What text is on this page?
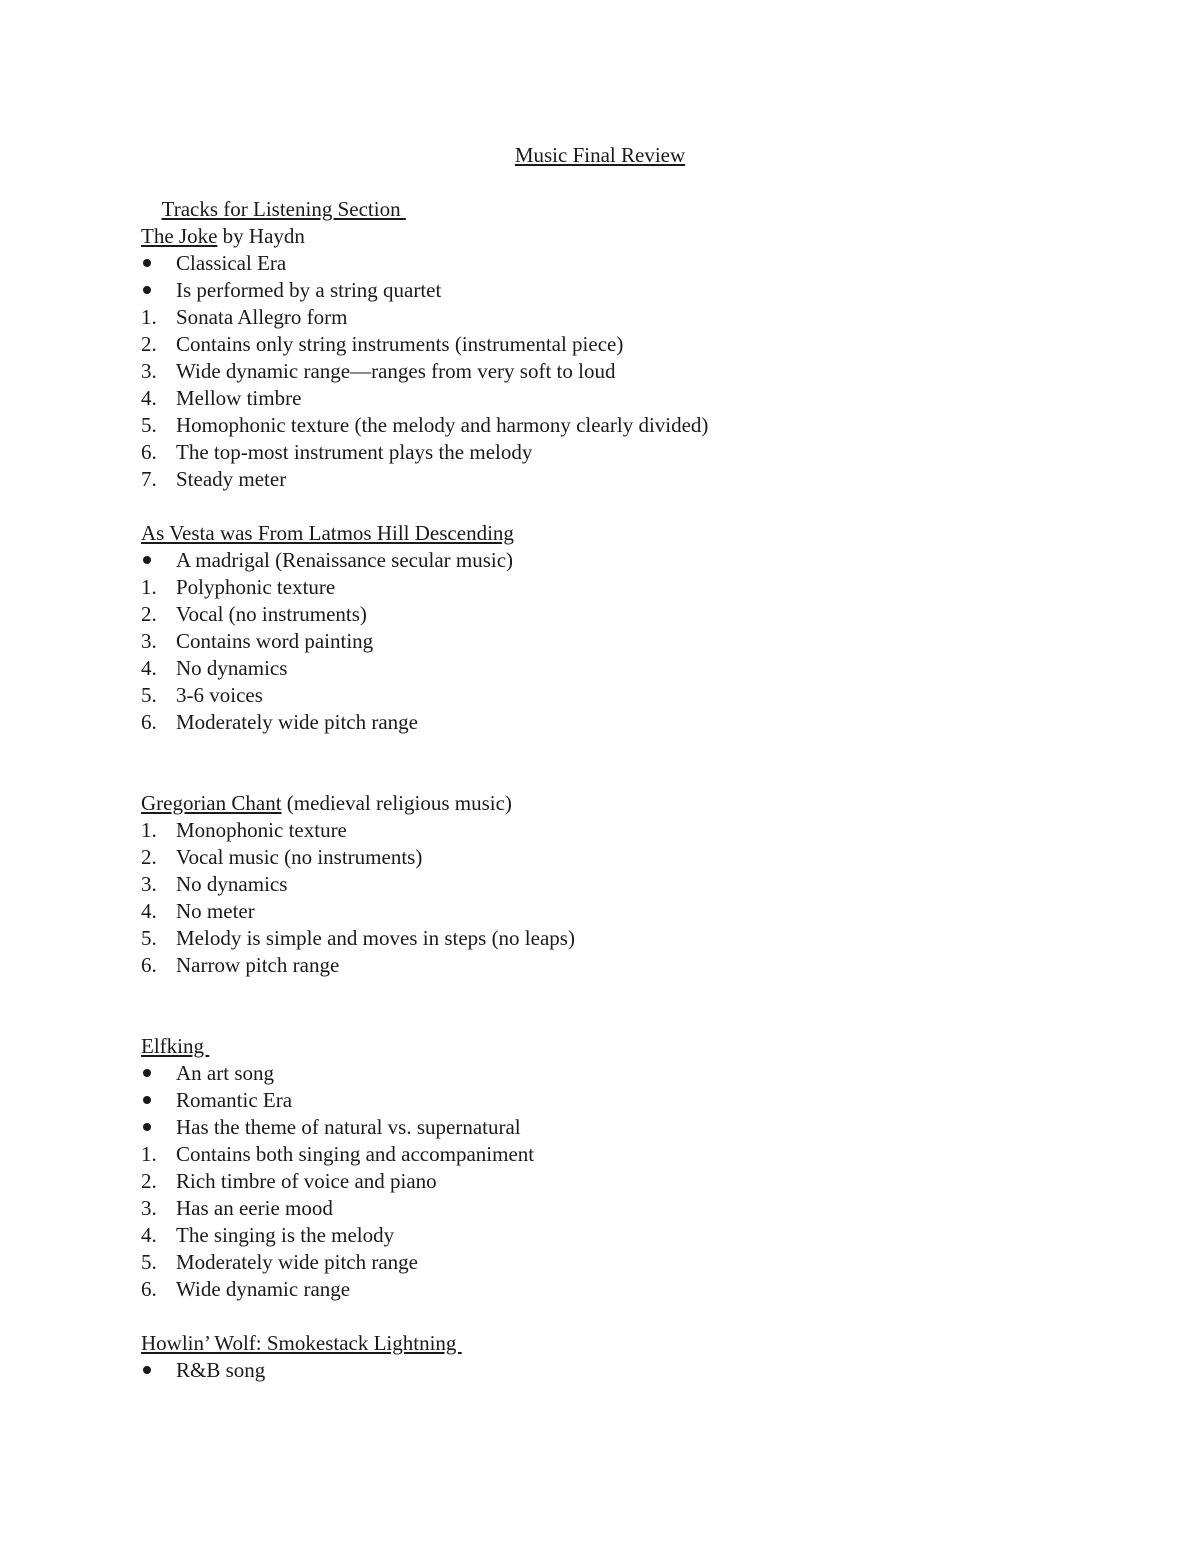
Music Final Review

Tracks for Listening Section

The Joke by Haydn
Classical Era
Is performed by a string quartet
1. Sonata Allegro form
2. Contains only string instruments (instrumental piece)
3. Wide dynamic range—ranges from very soft to loud
4. Mellow timbre
5. Homophonic texture (the melody and harmony clearly divided)
6. The top-most instrument plays the melody
7. Steady meter
As Vesta was From Latmos Hill Descending
A madrigal (Renaissance secular music)
1. Polyphonic texture
2. Vocal (no instruments)
3. Contains word painting
4. No dynamics
5. 3-6 voices
6. Moderately wide pitch range
Gregorian Chant (medieval religious music)
1. Monophonic texture
2. Vocal music (no instruments)
3. No dynamics
4. No meter
5. Melody is simple and moves in steps (no leaps)
6. Narrow pitch range
Elfking
An art song
Romantic Era
Has the theme of natural vs. supernatural
1. Contains both singing and accompaniment
2. Rich timbre of voice and piano
3. Has an eerie mood
4. The singing is the melody
5. Moderately wide pitch range
6. Wide dynamic range
Howlin’ Wolf: Smokestack Lightning
R&B song
